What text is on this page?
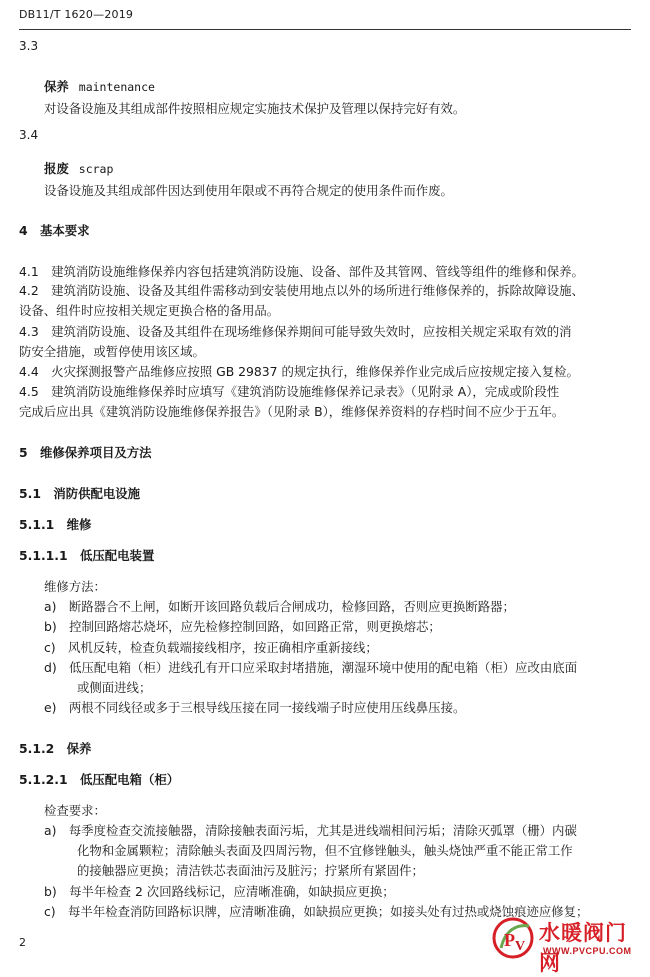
DB11/T 1620—2019
3.3
保养 maintenance
对设备设施及其组成部件按照相应规定实施技术保护及管理以保持完好有效。
3.4
报废 scrap
设备设施及其组成部件因达到使用年限或不再符合规定的使用条件而作废。
4　基本要求
4.1　建筑消防设施维修保养内容包括建筑消防设施、设备、部件及其管网、管线等组件的维修和保养。
4.2　建筑消防设施、设备及其组件需移动到安装使用地点以外的场所进行维修保养的，拆除故障设施、
设备、组件时应按相关规定更换合格的备用品。
4.3　建筑消防设施、设备及其组件在现场维修保养期间可能导致失效时，应按相关规定采取有效的消
防安全措施，或暂停使用该区域。
4.4　火灾探测报警产品维修应按照 GB 29837 的规定执行，维修保养作业完成后应按规定接入复检。
4.5　建筑消防设施维修保养时应填写《建筑消防设施维修保养记录表》（见附录 A），完成或阶段性
完成后应出具《建筑消防设施维修保养报告》（见附录 B），维修保养资料的存档时间不应少于五年。
5　维修保养项目及方法
5.1　消防供配电设施
5.1.1　维修
5.1.1.1　低压配电装置
维修方法：
a)　断路器合不上闸，如断开该回路负载后合闸成功，检修回路，否则应更换断路器；
b)　控制回路熔芯烧坏，应先检修控制回路，如回路正常，则更换熔芯；
c)　风机反转，检查负载端接线相序，按正确相序重新接线；
d)　低压配电箱（柜）进线孔有开口应采取封堵措施，潮湿环境中使用的配电箱（柜）应改由底面
或侧面进线；
e)　两根不同线径或多于三根导线压接在同一接线端子时应使用压线鼻压接。
5.1.2　保养
5.1.2.1　低压配电箱（柜）
检查要求：
a)　每季度检查交流接触器，清除接触表面污垢，尤其是进线端相间污垢；清除灭弧罩（栅）内碳
化物和金属颗粒；清除触头表面及四周污物，但不宜修锉触头，触头烧蚀严重不能正常工作
的接触器应更换；清洁铁芯表面油污及脏污；拧紧所有紧固件；
b)　每半年检查 2 次回路线标记，应清晰准确，如缺损应更换；
c)　每半年检查消防回路标识牌，应清晰准确，如缺损应更换；如接头处有过热或烧蚀痕迹应修复；
2	P V
水暖阀门网
WWW.PVCPU.COM
